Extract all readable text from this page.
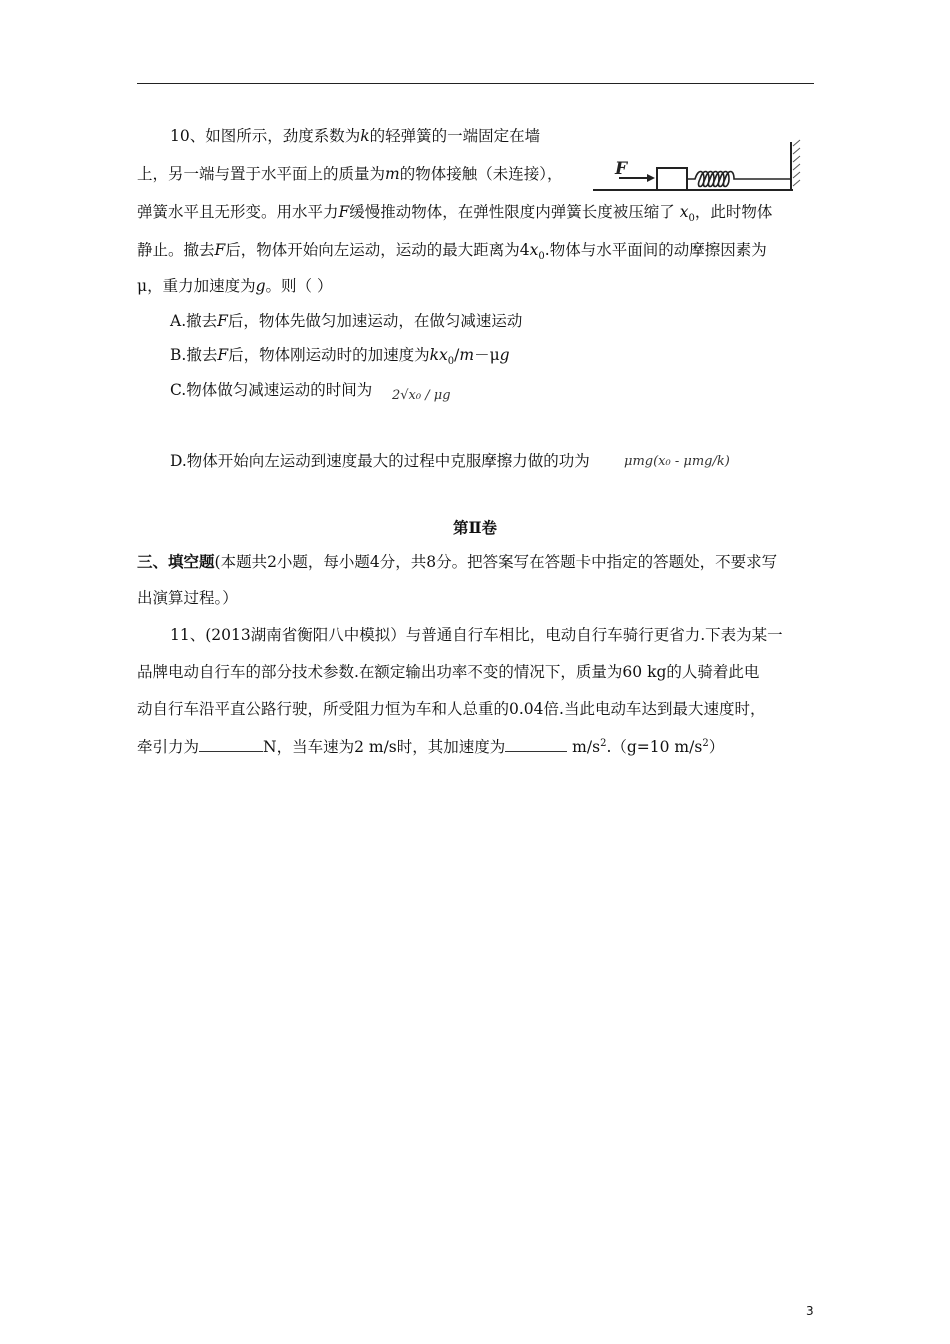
10、如图所示，劲度系数为k的轻弹簧的一端固定在墙
上，另一端与置于水平面上的质量为m的物体接触（未连接），	F
弹簧水平且无形变。用水平力F缓慢推动物体，在弹性限度内弹簧长度被压缩了 $x_0$，此时物体
静止。撤去F后，物体开始向左运动，运动的最大距离为$4x_0$.物体与水平面间的动摩擦因素为
μ，重力加速度为g。则（ ）
A.撤去F后，物体先做匀加速运动，在做匀减速运动
B.撤去F后，物体刚运动时的加速度为$kx_0/m-\mu g$
C.物体做匀减速运动的时间为 2√x₀ / μg
D.物体开始向左运动到速度最大的过程中克服摩擦力做的功为	μmg(x₀ - μmg/k)
第Ⅱ卷
三、填空题(本题共2小题，每小题4分，共8分。把答案写在答题卡中指定的答题处，不要求写
出演算过程。）
11、(2013湖南省衡阳八中模拟）与普通自行车相比，电动自行车骑行更省力.下表为某一
品牌电动自行车的部分技术参数.在额定输出功率不变的情况下，质量为60 kg的人骑着此电
动自行车沿平直公路行驶，所受阻力恒为车和人总重的0.04倍.当此电动车达到最大速度时，
牵引力为	N，当车速为2 m/s时，其加速度为	$m/s^2.(g=10$ $m/s^2$）
3
